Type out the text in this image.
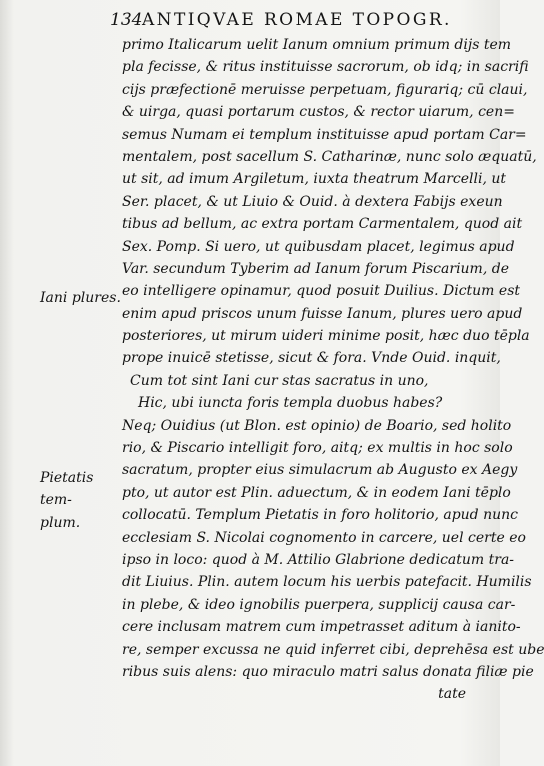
134 ANTIQVAE ROMAE TOPOGR.
Iani plures.
Pietatis tem-
plum.
primo Italicarum uelit Ianum omnium primum dijs tem
pla fecisse, & ritus instituisse sacrorum, ob idq; in sacrifi
cijs præfectionē meruisse perpetuam, figurariq; cū claui,
& uirga, quasi portarum custos, & rector uiarum, cen=
semus Numam ei templum instituisse apud portam Car=
mentalem, post sacellum S. Catharinæ, nunc solo æquatū,
ut sit, ad imum Argiletum, iuxta theatrum Marcelli, ut
Ser. placet, & ut Liuio & Ouid. à dextera Fabijs exeun
tibus ad bellum, ac extra portam Carmentalem, quod ait
Sex. Pomp. Si uero, ut quibusdam placet, legimus apud
Var. secundum Tyberim ad Ianum forum Piscarium, de
eo intelligere opinamur, quod posuit Duilius. Dictum est
enim apud priscos unum fuisse Ianum, plures uero apud
posteriores, ut mirum uideri minime posit, hæc duo tēpla
prope inuicē stetisse, sicut & fora. Vnde Ouid. inquit,
Cum tot sint Iani cur stas sacratus in uno,
Hic, ubi iuncta foris templa duobus habes?
Neq; Ouidius (ut Blon. est opinio) de Boario, sed holito
rio, & Piscario intelligit foro, aitq; ex multis in hoc solo
sacratum, propter eius simulacrum ab Augusto ex Aegy
pto, ut autor est Plin. aduectum, & in eodem Iani tēplo
collocatū. Templum Pietatis in foro holitorio, apud nunc
ecclesiam S. Nicolai cognomento in carcere, uel certe eo
ipso in loco: quod à M. Attilio Glabrione dedicatum tra-
dit Liuius. Plin. autem locum his uerbis patefacit. Humilis
in plebe, & ideo ignobilis puerpera, supplicij causa car-
cere inclusam matrem cum impetrasset aditum à ianito-
re, semper excussa ne quid inferret cibi, deprehēsa est ube
ribus suis alens: quo miraculo matri salus donata filiæ pie
tate
